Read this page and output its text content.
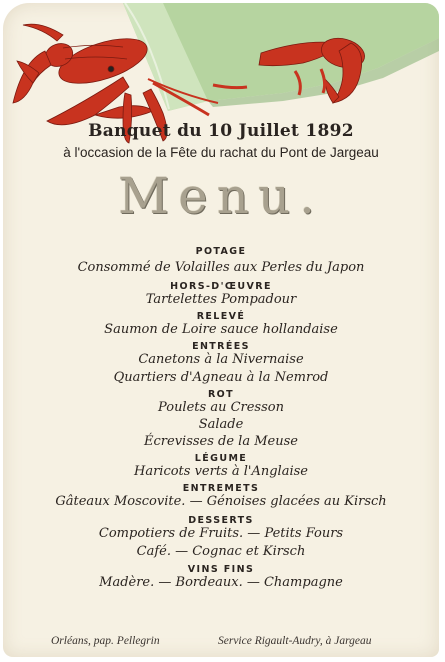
Banquet du 10 Juillet 1892

à l'occasion de la Fête du rachat du Pont de Jargeau

Menu.

POTAGE

Consommé de Volailles aux Perles du Japon

HORS-D'ŒUVRE

Tartelettes Pompadour

RELEVÉ

Saumon de Loire sauce hollandaise

ENTRÉES

Canetons à la Nivernaise

Quartiers d'Agneau à la Nemrod

ROT

Poulets au Cresson

Salade

Écrevisses de la Meuse

LÉGUME

Haricots verts à l'Anglaise

ENTREMETS

Gâteaux Moscovite. — Génoises glacées au Kirsch

DESSERTS

Compotiers de Fruits. — Petits Fours

Café. — Cognac et Kirsch

VINS FINS

Madère. — Bordeaux. — Champagne

Orléans, pap. Pellegrin	Service Rigault-Audry, à Jargeau
